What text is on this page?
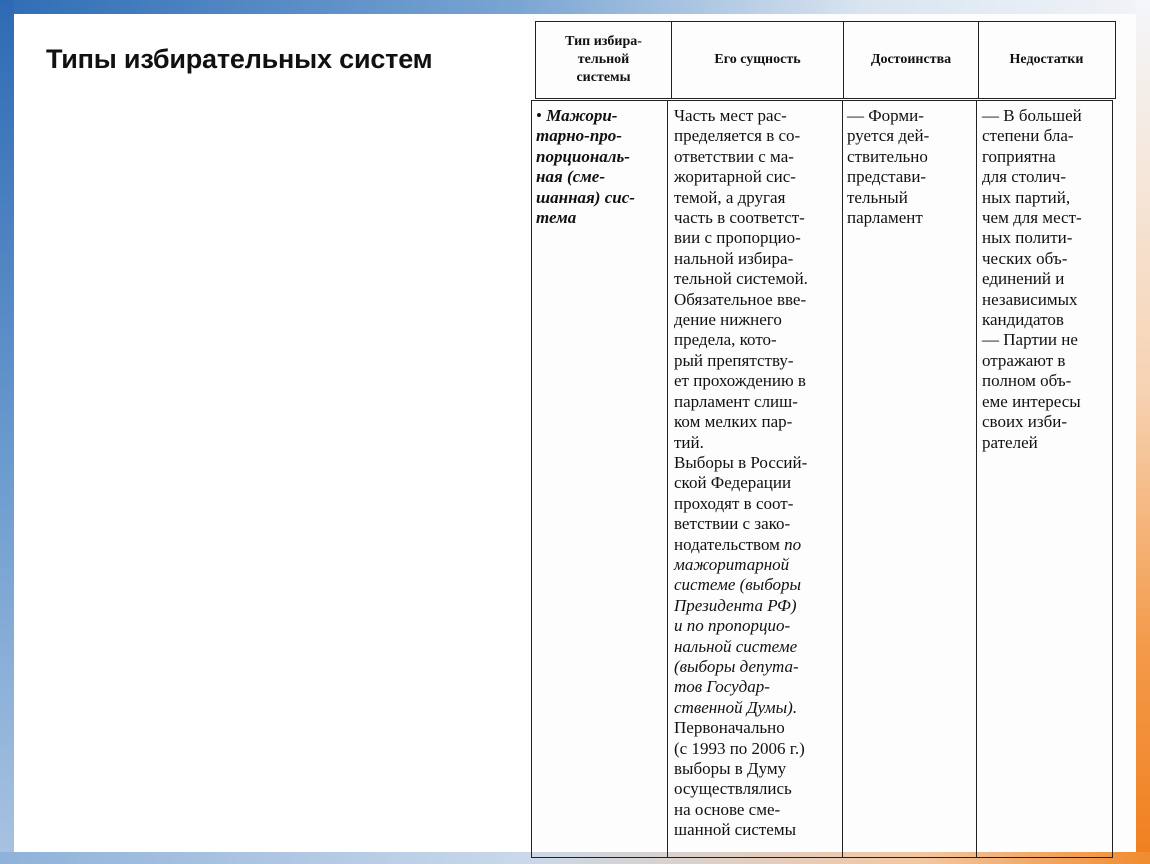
Типы избирательных систем
Тип избира-
тельной
системы
Его сущность	Достоинства	Недостатки
• Мажори-
тарно-про-
порциональ-
ная (сме-
шанная) сис-
тема
Часть мест рас-
пределяется в со-
ответствии с ма-
жоритарной сис-
темой, а другая
часть в соответст-
вии с пропорцио-
нальной избира-
тельной системой.
Обязательное вве-
дение нижнего
предела, кото-
рый препятству-
ет прохождению в
парламент слиш-
ком мелких пар-
тий.
Выборы в Россий-
ской Федерации
проходят в соот-
ветствии с зако-
нодательством по
мажоритарной
системе (выборы
Президента РФ)
и по пропорцио-
нальной системе
(выборы депута-
тов Государ-
ственной Думы).
Первоначально
(с 1993 по 2006 г.)
выборы в Думу
осуществлялись
на основе сме-
шанной системы
— Форми-
руется дей-
ствительно
представи-
тельный
парламент
— В большей
степени бла-
гоприятна
для столич-
ных партий,
чем для мест-
ных полити-
ческих объ-
единений и
независимых
кандидатов
— Партии не
отражают в
полном объ-
еме интересы
своих изби-
рателей
